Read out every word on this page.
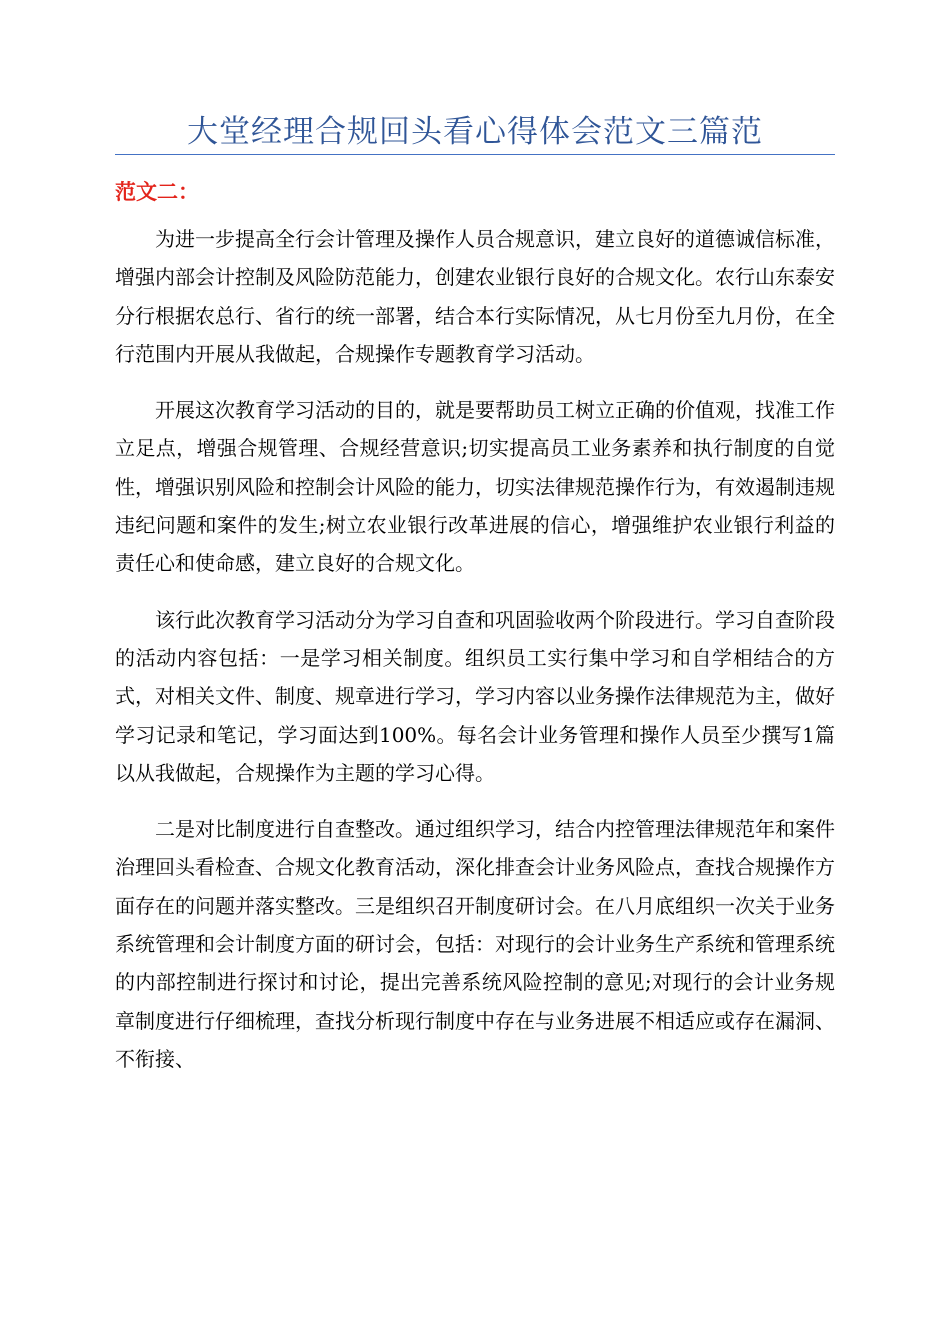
大堂经理合规回头看心得体会范文三篇范
范文二：

为进一步提高全行会计管理及操作人员合规意识，建立良好的道德诚信标准，增强内部会计控制及风险防范能力，创建农业银行良好的合规文化。农行山东泰安分行根据农总行、省行的统一部署，结合本行实际情况，从七月份至九月份，在全行范围内开展从我做起，合规操作专题教育学习活动。

开展这次教育学习活动的目的，就是要帮助员工树立正确的价值观，找准工作立足点，增强合规管理、合规经营意识;切实提高员工业务素养和执行制度的自觉性，增强识别风险和控制会计风险的能力，切实法律规范操作行为，有效遏制违规违纪问题和案件的发生;树立农业银行改革进展的信心，增强维护农业银行利益的责任心和使命感，建立良好的合规文化。

该行此次教育学习活动分为学习自查和巩固验收两个阶段进行。学习自查阶段的活动内容包括：一是学习相关制度。组织员工实行集中学习和自学相结合的方式，对相关文件、制度、规章进行学习，学习内容以业务操作法律规范为主，做好学习记录和笔记，学习面达到100%。每名会计业务管理和操作人员至少撰写1篇以从我做起，合规操作为主题的学习心得。

二是对比制度进行自查整改。通过组织学习，结合内控管理法律规范年和案件治理回头看检查、合规文化教育活动，深化排查会计业务风险点，查找合规操作方面存在的问题并落实整改。三是组织召开制度研讨会。在八月底组织一次关于业务系统管理和会计制度方面的研讨会，包括：对现行的会计业务生产系统和管理系统的内部控制进行探讨和讨论，提出完善系统风险控制的意见;对现行的会计业务规章制度进行仔细梳理，查找分析现行制度中存在与业务进展不相适应或存在漏洞、不衔接、
